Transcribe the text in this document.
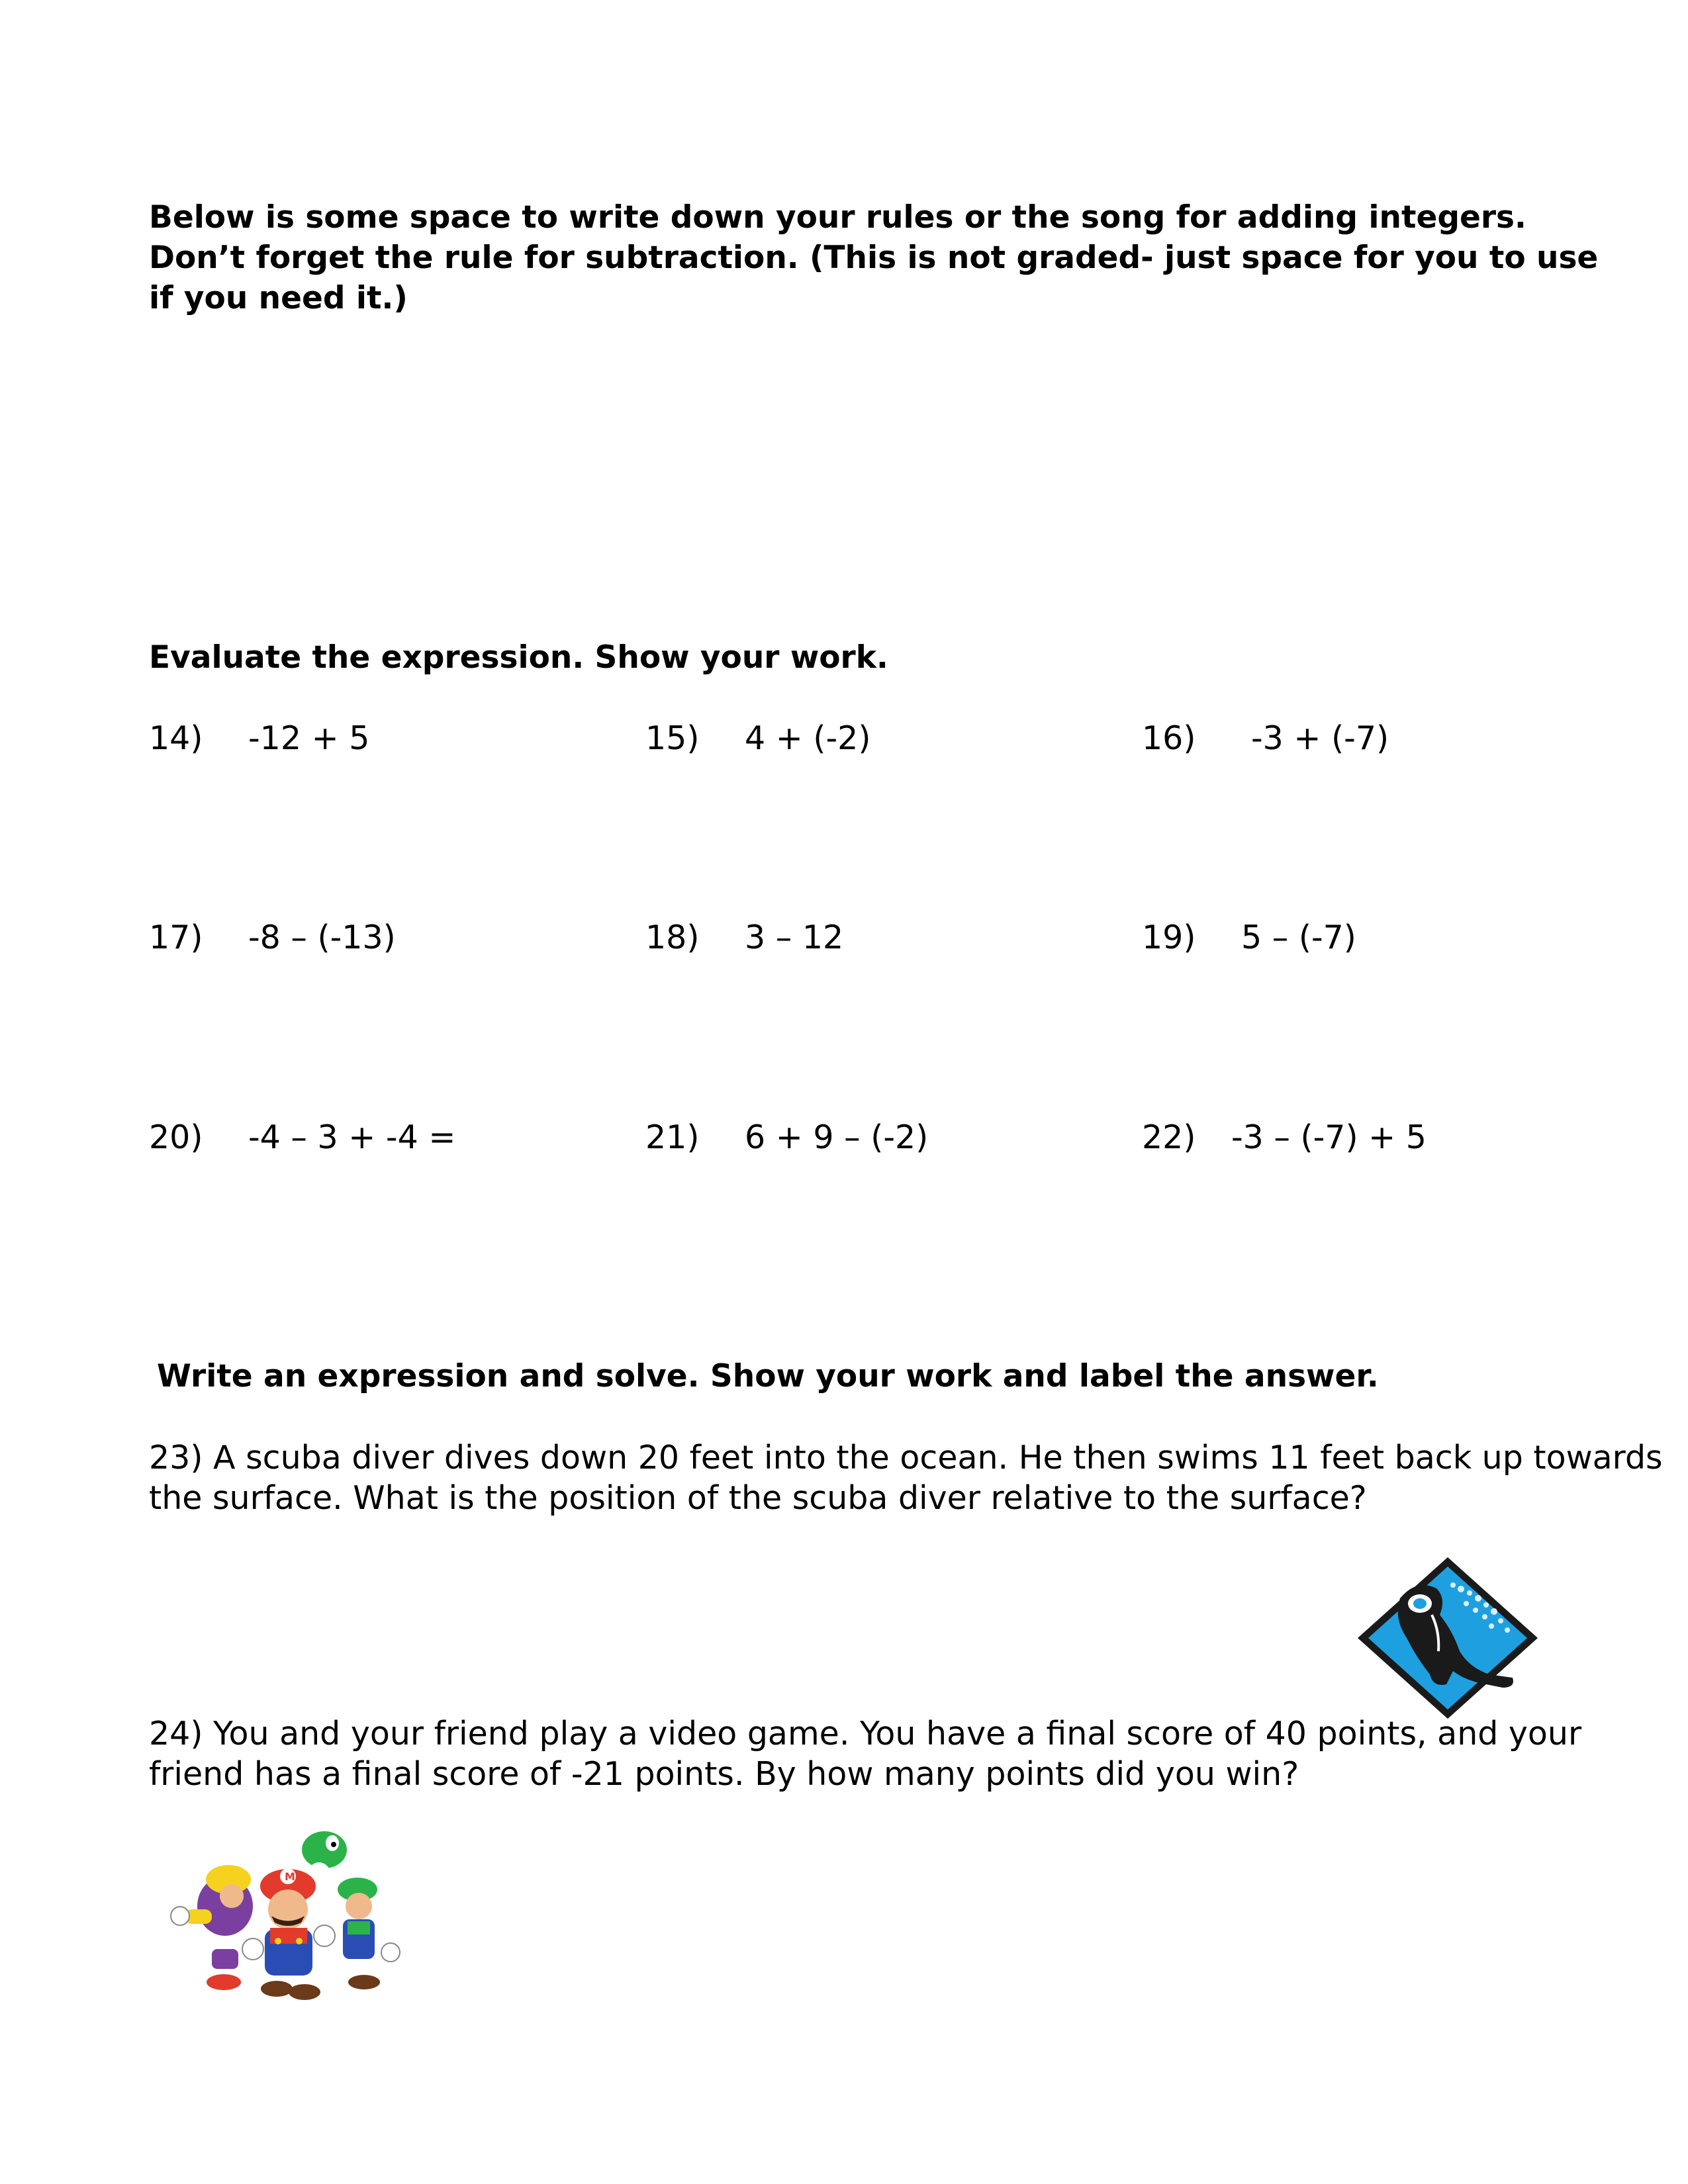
Below is some space to write down your rules or the song for adding integers.
Don’t forget the rule for subtraction. (This is not graded- just space for you to use
if you need it.)
Evaluate the expression. Show your work.
14) -12 + 5	15) 4 + (-2)	16) -3 + (-7)
17) -8 – (-13)	18) 3 – 12	19) 5 – (-7)
20) -4 – 3 + -4 =	21) 6 + 9 – (-2)	22) -3 – (-7) + 5
Write an expression and solve. Show your work and label the answer.
23) A scuba diver dives down 20 feet into the ocean. He then swims 11 feet back up towards
the surface. What is the position of the scuba diver relative to the surface?
24) You and your friend play a video game. You have a final score of 40 points, and your
friend has a final score of -21 points. By how many points did you win?
M
